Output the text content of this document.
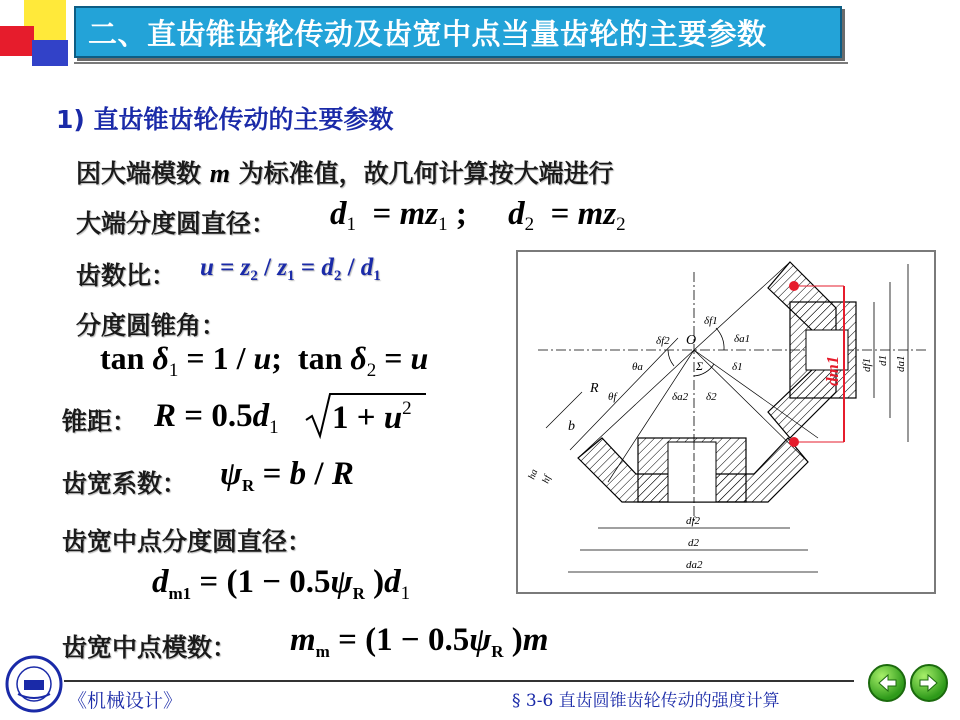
二、直齿锥齿轮传动及齿宽中点当量齿轮的主要参数
1) 直齿锥齿轮传动的主要参数
因大端模数 m 为标准值，故几何计算按大端进行
大端分度圆直径： d1  = mz1 ;     d2  = mz2
齿数比： $u = z_2 / z_1 = d_2 / d_1$
分度圆锥角：
$\tan \delta_1 = 1 / u$;  $\tan \delta_2 = u$
锥距： $R = 0.5d_1$ $1 + u^2$
齿宽系数： $\psi_R = b / R$
齿宽中点分度圆直径：
$d_{m1} = (1 - 0.5\psi_R$ )$d_1$
齿宽中点模数： $m_m = (1 - 0.5\psi_R$ )m
R
b
O
δf1
δa1
δ1
δf2
δa2 δ2
θa
θf
Σ
ha hf
df2
d2
da2
df1 d1 da1
dm1
《机械设计》	§ 3-6 直齿圆锥齿轮传动的强度计算
